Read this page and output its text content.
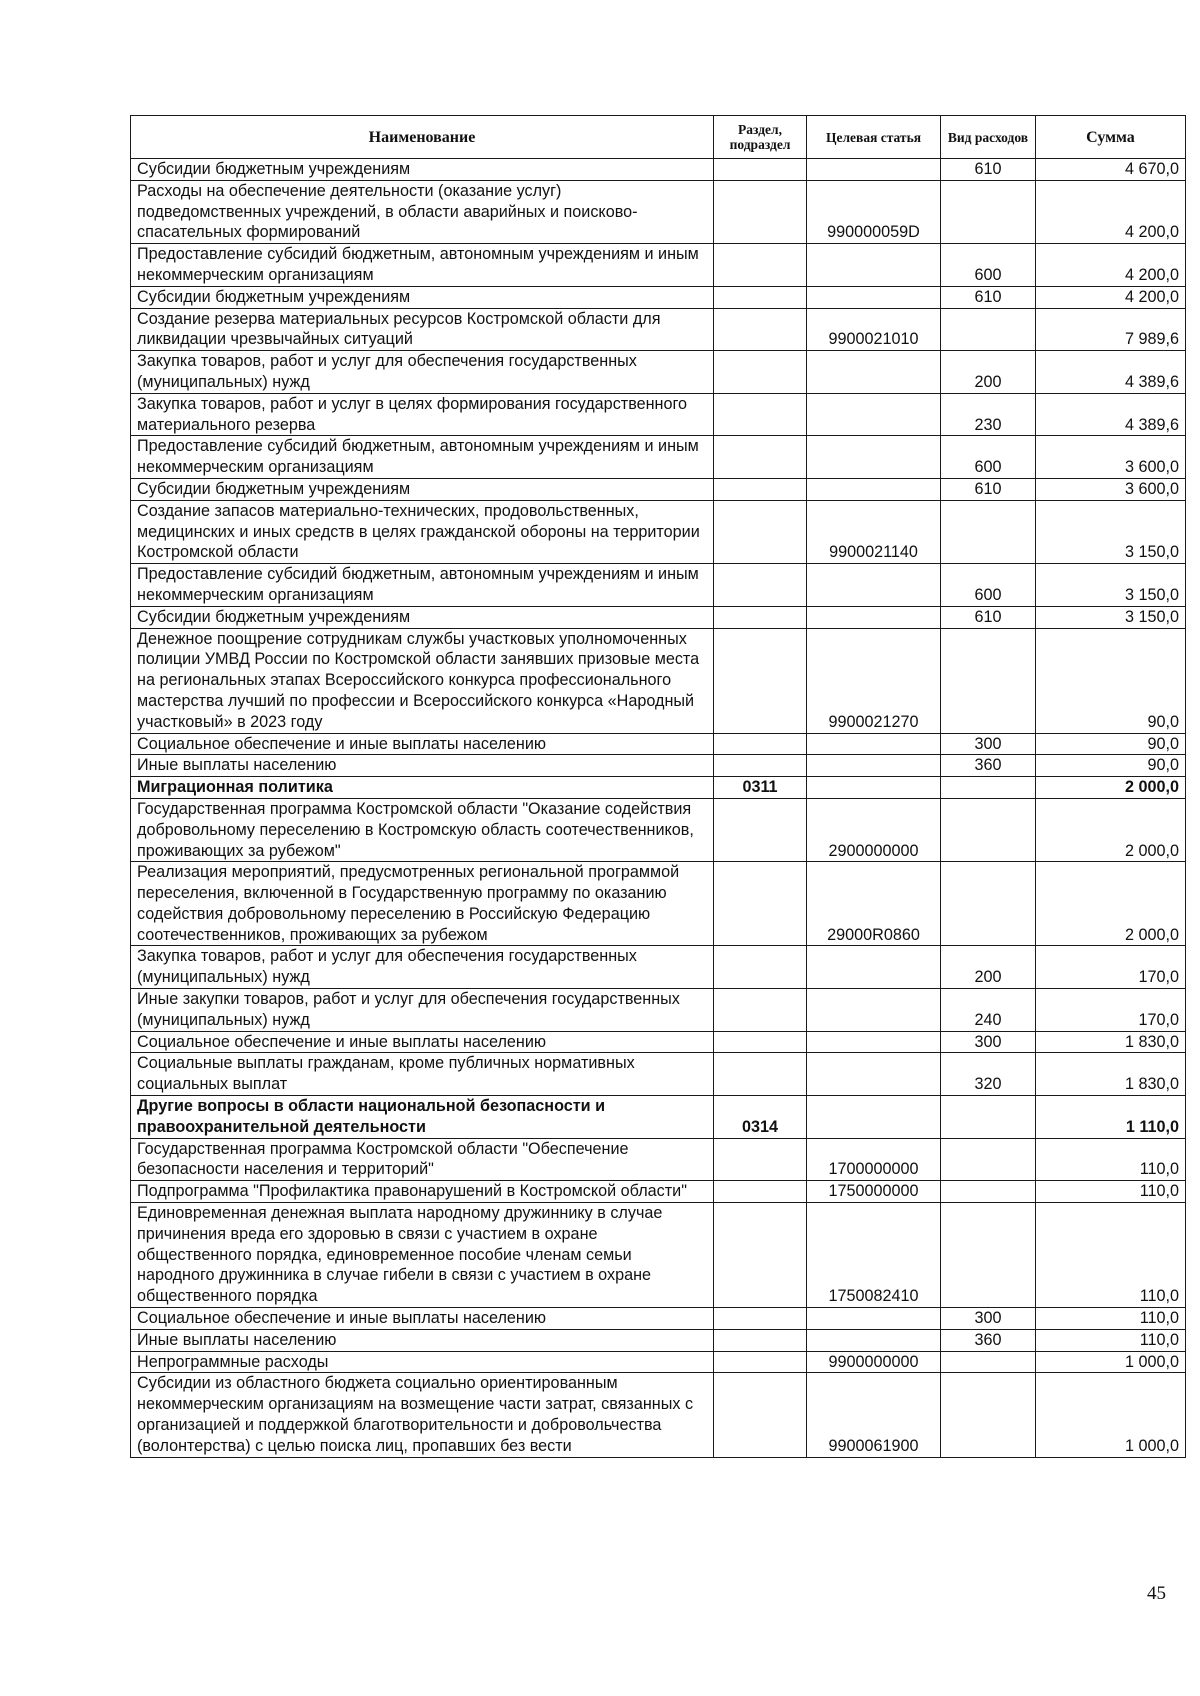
Наименование	Раздел, подраздел	Целевая статья	Вид расходов	Сумма
Субсидии бюджетным учреждениям			610	4 670,0
Расходы на обеспечение деятельности (оказание услуг) подведомственных учреждений, в области аварийных и поисково-спасательных формирований		990000059D		4 200,0
Предоставление субсидий бюджетным, автономным учреждениям и иным некоммерческим организациям			600	4 200,0
Субсидии бюджетным учреждениям			610	4 200,0
Создание резерва материальных ресурсов Костромской области для ликвидации чрезвычайных ситуаций		9900021010		7 989,6
Закупка товаров, работ и услуг для обеспечения государственных (муниципальных) нужд			200	4 389,6
Закупка товаров, работ и услуг в целях формирования государственного материального резерва			230	4 389,6
Предоставление субсидий бюджетным, автономным учреждениям и иным некоммерческим организациям			600	3 600,0
Субсидии бюджетным учреждениям			610	3 600,0
Создание запасов материально-технических, продовольственных, медицинских и иных средств в целях гражданской обороны на территории Костромской области		9900021140		3 150,0
Предоставление субсидий бюджетным, автономным учреждениям и иным некоммерческим организациям			600	3 150,0
Субсидии бюджетным учреждениям			610	3 150,0
Денежное поощрение сотрудникам службы участковых уполномоченных полиции УМВД России по Костромской области занявших призовые места на региональных этапах Всероссийского конкурса профессионального мастерства лучший по профессии и Всероссийского конкурса «Народный участковый» в 2023 году		9900021270		90,0
Социальное обеспечение и иные выплаты населению			300	90,0
Иные выплаты населению			360	90,0
Миграционная политика	0311			2 000,0
Государственная программа Костромской области "Оказание содействия добровольному переселению в Костромскую область соотечественников, проживающих за рубежом"		2900000000		2 000,0
Реализация мероприятий, предусмотренных региональной программой переселения, включенной в Государственную программу по оказанию содействия добровольному переселению в Российскую Федерацию соотечественников, проживающих за рубежом		29000R0860		2 000,0
Закупка товаров, работ и услуг для обеспечения государственных (муниципальных) нужд			200	170,0
Иные закупки товаров, работ и услуг для обеспечения государственных (муниципальных) нужд			240	170,0
Социальное обеспечение и иные выплаты населению			300	1 830,0
Социальные выплаты гражданам, кроме публичных нормативных социальных выплат			320	1 830,0
Другие вопросы в области национальной безопасности и правоохранительной деятельности	0314			1 110,0
Государственная программа Костромской области "Обеспечение безопасности населения и территорий"		1700000000		110,0
Подпрограмма "Профилактика правонарушений в Костромской области"		1750000000		110,0
Единовременная денежная выплата народному дружиннику в случае причинения вреда его здоровью в связи с участием в охране общественного порядка, единовременное пособие членам семьи народного дружинника в случае гибели в связи с участием в охране общественного порядка		1750082410		110,0
Социальное обеспечение и иные выплаты населению			300	110,0
Иные выплаты населению			360	110,0
Непрограммные расходы		9900000000		1 000,0
Субсидии из областного бюджета социально ориентированным некоммерческим организациям на возмещение части затрат, связанных с организацией и поддержкой благотворительности и добровольчества (волонтерства) с целью поиска лиц, пропавших без вести		9900061900		1 000,0
45
